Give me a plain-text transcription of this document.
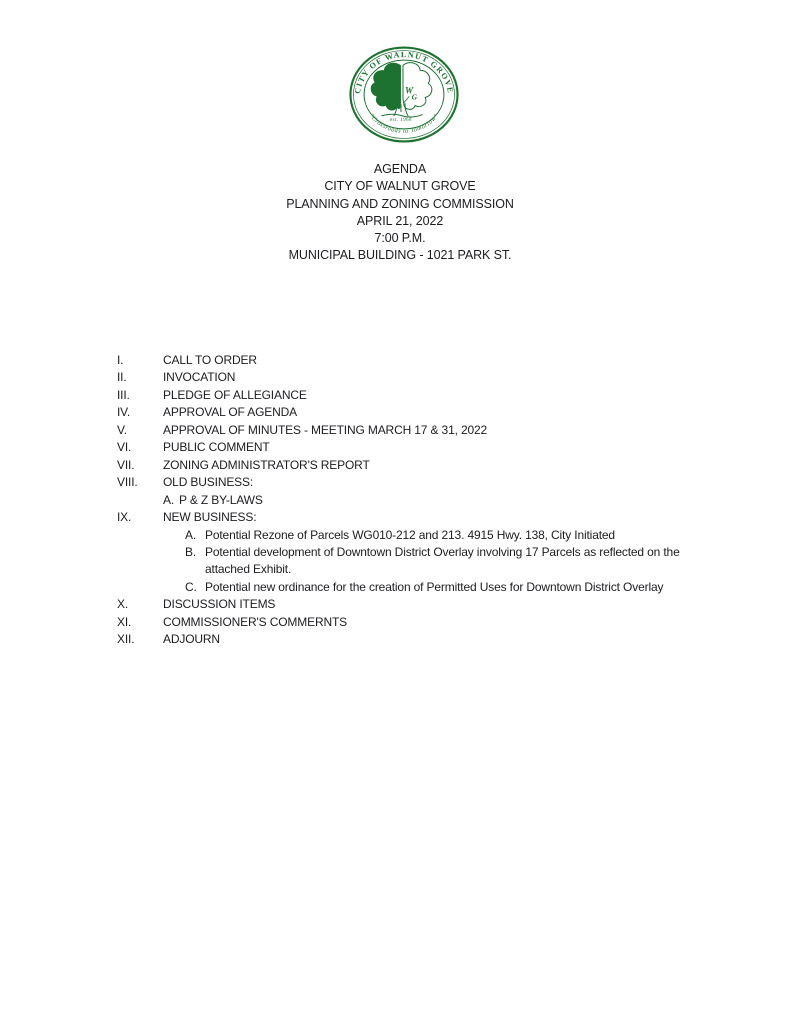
CITY OF WALNUT GROVE
"Crossroads to Tomorrow"
W G
est. 1968
AGENDA
CITY OF WALNUT GROVE
PLANNING AND ZONING COMMISSION
APRIL 21, 2022
7:00 P.M.
MUNICIPAL BUILDING - 1021 PARK ST.
I.	CALL TO ORDER
II.	INVOCATION
III.	PLEDGE OF ALLEGIANCE
IV.	APPROVAL OF AGENDA
V.	APPROVAL OF MINUTES - MEETING MARCH 17 & 31, 2022
VI.	PUBLIC COMMENT
VII.	ZONING ADMINISTRATOR'S REPORT
VIII.	OLD BUSINESS:
A. P & Z BY-LAWS
IX.	NEW BUSINESS:
A. Potential Rezone of Parcels WG010-212 and 213. 4915 Hwy. 138, City Initiated
B. Potential development of Downtown District Overlay involving 17 Parcels as reflected on the attached Exhibit.
C. Potential new ordinance for the creation of Permitted Uses for Downtown District Overlay
X.	DISCUSSION ITEMS
XI.	COMMISSIONER'S COMMERNTS
XII.	ADJOURN
